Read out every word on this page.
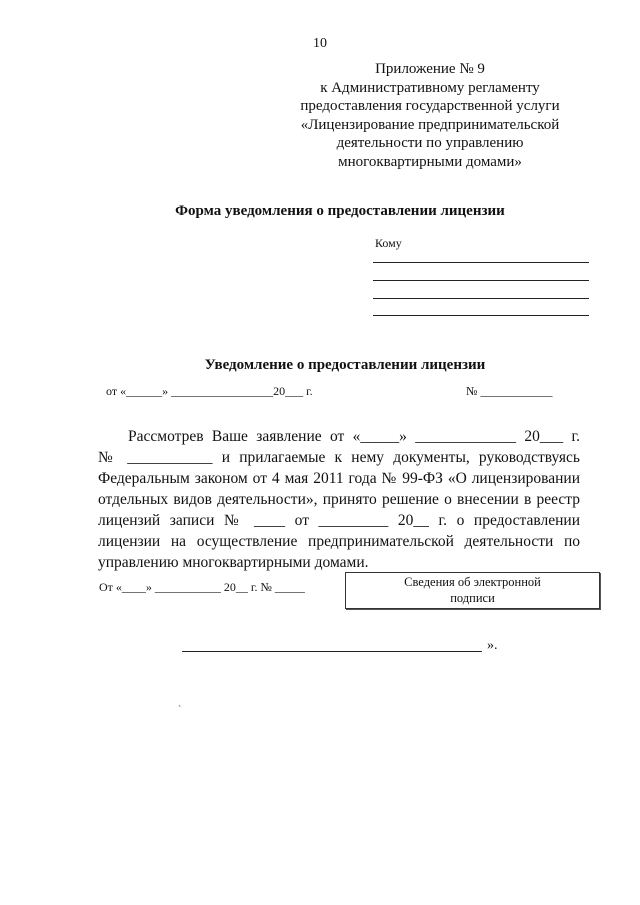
10
Приложение № 9
к Административному регламенту
предоставления государственной услуги
«Лицензирование предпринимательской
деятельности по управлению
многоквартирными домами»
Форма уведомления о предоставлении лицензии
Кому
Уведомление о предоставлении лицензии
от «______» _________________20___ г.	№ ____________
Рассмотрев Ваше заявление от «_____» _____________ 20___ г.
№ ___________ и прилагаемые к нему документы, руководствуясь
Федеральным законом от 4 мая 2011 года № 99-ФЗ «О лицензировании
отдельных видов деятельности», принято решение о внесении в реестр
лицензий записи № ____ от _________ 20__ г. о предоставлении
лицензии на осуществление предпринимательской деятельности по
управлению многоквартирными домами.
От «____» ___________ 20__ г. № _____	Сведения об электронной
подписи
».
`
